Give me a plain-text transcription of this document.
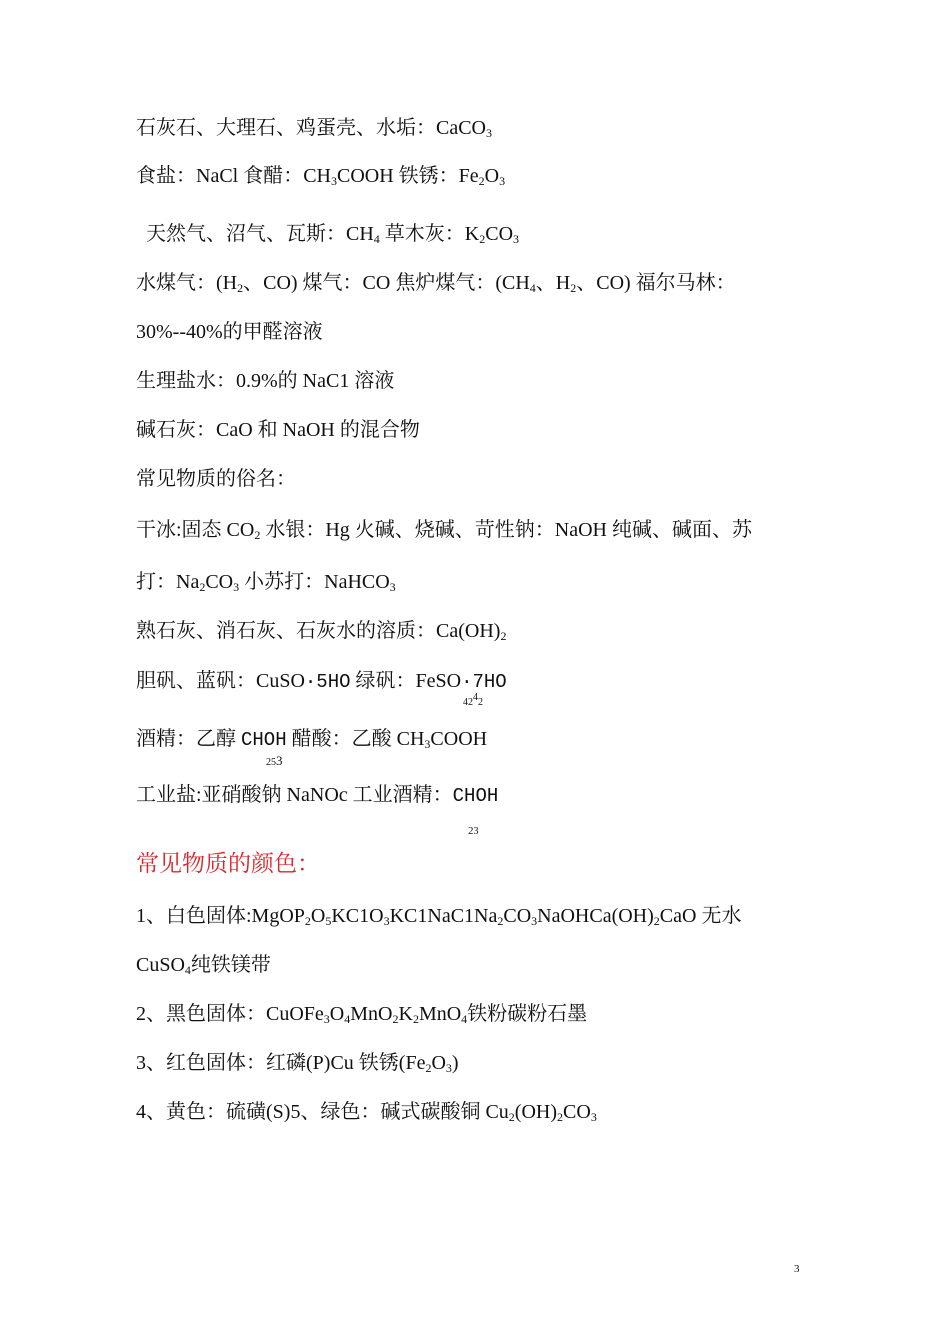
石灰石、大理石、鸡蛋壳、水垢：CaCO$_3$
食盐：NaCl 食醋：$CH_3COOH$ 铁锈：$Fe_2O_3$
天然气、沼气、瓦斯：$CH_4$ 草木灰：$K_2CO_3$
水煤气：($H_2$、CO) 煤气：CO 焦炉煤气：($CH_4$、$H_2$、CO) 福尔马林：
30%--40%的甲醛溶液
生理盐水：0.9%的 NaC1 溶液
碱石灰：CaO 和 NaOH 的混合物
常见物质的俗名：
干冰:固态 $CO_2$ 水银：Hg 火碱、烧碱、苛性钠：NaOH 纯碱、碱面、苏
打：$Na_2CO_3$ 小苏打：NaHCO$_3$
熟石灰、消石灰、石灰水的溶质：$Ca(OH)_2$
胆矾、蓝矾：CuSO·5HO 绿矾：FeSO·7HO
4242
酒精：乙醇 CHOH 醋酸：乙酸 $CH_3COOH$
253
工业盐:亚硝酸钠 NaNOc 工业酒精：CHOH
23
常见物质的颜色：
1、白色固体$:MgOP_2O_5KC1O_3KC1NaC1Na_2CO_3NaOHCa(OH)_2CaO$ 无水
CuSO$_4$纯铁镁带
2、黑色固体：$CuOFe_3O_4MnO_2K_2MnO_4$铁粉碳粉石墨
3、红色固体：红磷(P)Cu 铁锈$(Fe_2O_3)$
4、黄色：硫磺(S)5、绿色：碱式碳酸铜 $Cu_2(OH)_2CO_3$
3
